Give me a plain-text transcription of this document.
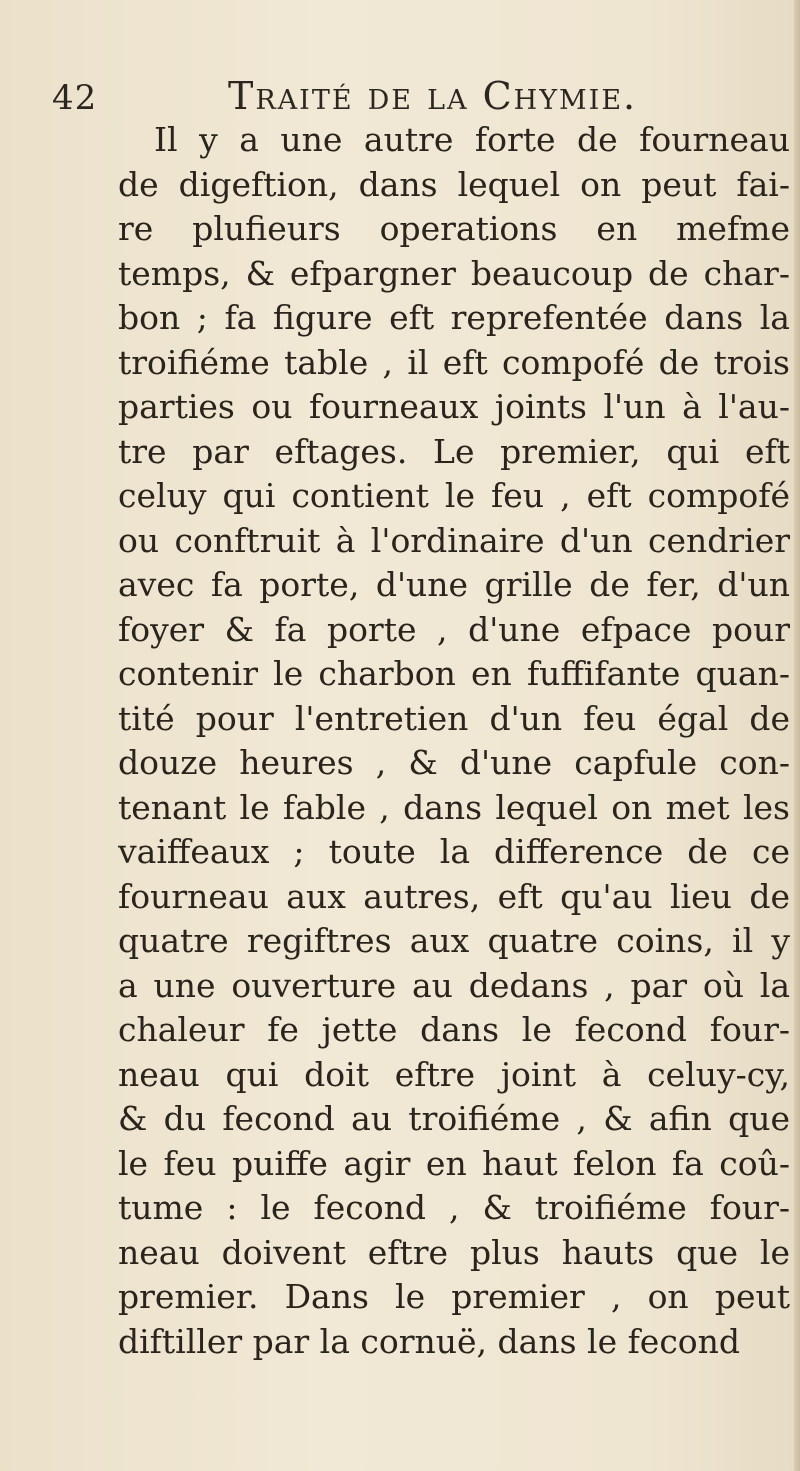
42	Traité de la Chymie.
Il y a une autre forte de fourneau
de digeftion, dans lequel on peut fai-
re plufieurs operations en mefme
temps, & efpargner beaucoup de char-
bon ; fa figure eft reprefentée dans la
troifiéme table , il eft compofé de trois
parties ou fourneaux joints l'un à l'au-
tre par eftages. Le premier, qui eft
celuy qui contient le feu , eft compofé
ou conftruit à l'ordinaire d'un cendrier
avec fa porte, d'une grille de fer, d'un
foyer & fa porte , d'une efpace pour
contenir le charbon en fuffifante quan-
tité pour l'entretien d'un feu égal de
douze heures , & d'une capfule con-
tenant le fable , dans lequel on met les
vaiffeaux ; toute la difference de ce
fourneau aux autres, eft qu'au lieu de
quatre regiftres aux quatre coins, il y
a une ouverture au dedans , par où la
chaleur fe jette dans le fecond four-
neau qui doit eftre joint à celuy-cy,
& du fecond au troifiéme , & afin que
le feu puiffe agir en haut felon fa coû-
tume : le fecond , & troifiéme four-
neau doivent eftre plus hauts que le
premier. Dans le premier , on peut
diftiller par la cornuë, dans le fecond
